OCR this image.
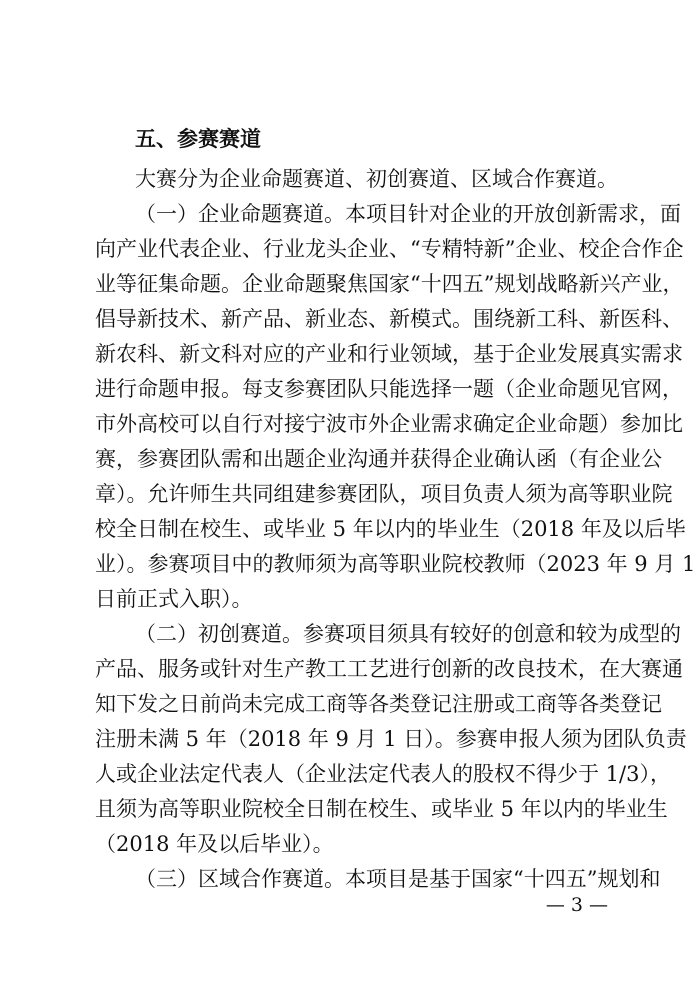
五、参赛赛道
大赛分为企业命题赛道、初创赛道、区域合作赛道。
（一）企业命题赛道。本项目针对企业的开放创新需求，面
向产业代表企业、行业龙头企业、“专精特新”企业、校企合作企
业等征集命题。企业命题聚焦国家“十四五”规划战略新兴产业，
倡导新技术、新产品、新业态、新模式。围绕新工科、新医科、
新农科、新文科对应的产业和行业领域，基于企业发展真实需求
进行命题申报。每支参赛团队只能选择一题（企业命题见官网，
市外高校可以自行对接宁波市外企业需求确定企业命题）参加比
赛，参赛团队需和出题企业沟通并获得企业确认函（有企业公
章）。允许师生共同组建参赛团队，项目负责人须为高等职业院
校全日制在校生、或毕业 5 年以内的毕业生（2018 年及以后毕
业）。参赛项目中的教师须为高等职业院校教师（2023 年 9 月 1
日前正式入职）。
（二）初创赛道。参赛项目须具有较好的创意和较为成型的
产品、服务或针对生产教工工艺进行创新的改良技术，在大赛通
知下发之日前尚未完成工商等各类登记注册或工商等各类登记
注册未满 5 年（2018 年 9 月 1 日）。参赛申报人须为团队负责
人或企业法定代表人（企业法定代表人的股权不得少于 1/3），
且须为高等职业院校全日制在校生、或毕业 5 年以内的毕业生
（2018 年及以后毕业）。
（三）区域合作赛道。本项目是基于国家“十四五”规划和
— 3 —
